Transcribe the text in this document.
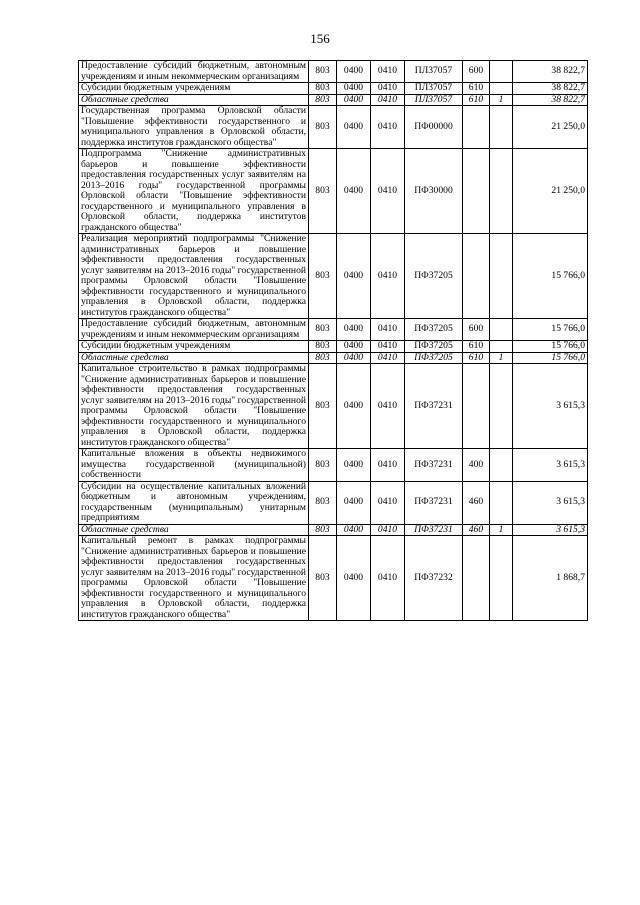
156
Предоставление субсидий бюджетным, автономным учреждениям и иным некоммерческим организациям	803	0400	0410	ПЛ37057	600		38 822,7
Субсидии бюджетным учреждениям	803	0400	0410	ПЛ37057	610		38 822,7
Областные средства	803	0400	0410	ПЛ37057	610	1	38 822,7
Государственная программа Орловской области "Повышение эффективности государственного и муниципального управления в Орловской области, поддержка институтов гражданского общества"	803	0400	0410	ПФ00000			21 250,0
Подпрограмма "Снижение административных барьеров и повышение эффективности предоставления государственных услуг заявителям на 2013–2016 годы" государственной программы Орловской области "Повышение эффективности государственного и муниципального управления в Орловской области, поддержка институтов гражданского общества"	803	0400	0410	ПФ30000			21 250,0
Реализация мероприятий подпрограммы "Снижение административных барьеров и повышение эффективности предоставления государственных услуг заявителям на 2013–2016 годы" государственной программы Орловской области "Повышение эффективности государственного и муниципального управления в Орловской области, поддержка институтов гражданского общества"	803	0400	0410	ПФ37205			15 766,0
Предоставление субсидий бюджетным, автономным учреждениям и иным некоммерческим организациям	803	0400	0410	ПФ37205	600		15 766,0
Субсидии бюджетным учреждениям	803	0400	0410	ПФ37205	610		15 766,0
Областные средства	803	0400	0410	ПФ37205	610	1	15 766,0
Капитальное строительство в рамках подпрограммы "Снижение административных барьеров и повышение эффективности предоставления государственных услуг заявителям на 2013–2016 годы" государственной программы Орловской области "Повышение эффективности государственного и муниципального управления в Орловской области, поддержка институтов гражданского общества"	803	0400	0410	ПФ37231			3 615,3
Капитальные вложения в объекты недвижимого имущества государственной (муниципальной) собственности	803	0400	0410	ПФ37231	400		3 615,3
Субсидии на осуществление капитальных вложений бюджетным и автономным учреждениям, государственным (муниципальным) унитарным предприятиям	803	0400	0410	ПФ37231	460		3 615,3
Областные средства	803	0400	0410	ПФ37231	460	1	3 615,3
Капитальный ремонт в рамках подпрограммы "Снижение административных барьеров и повышение эффективности предоставления государственных услуг заявителям на 2013–2016 годы" государственной программы Орловской области "Повышение эффективности государственного и муниципального управления в Орловской области, поддержка институтов гражданского общества"	803	0400	0410	ПФ37232			1 868,7
